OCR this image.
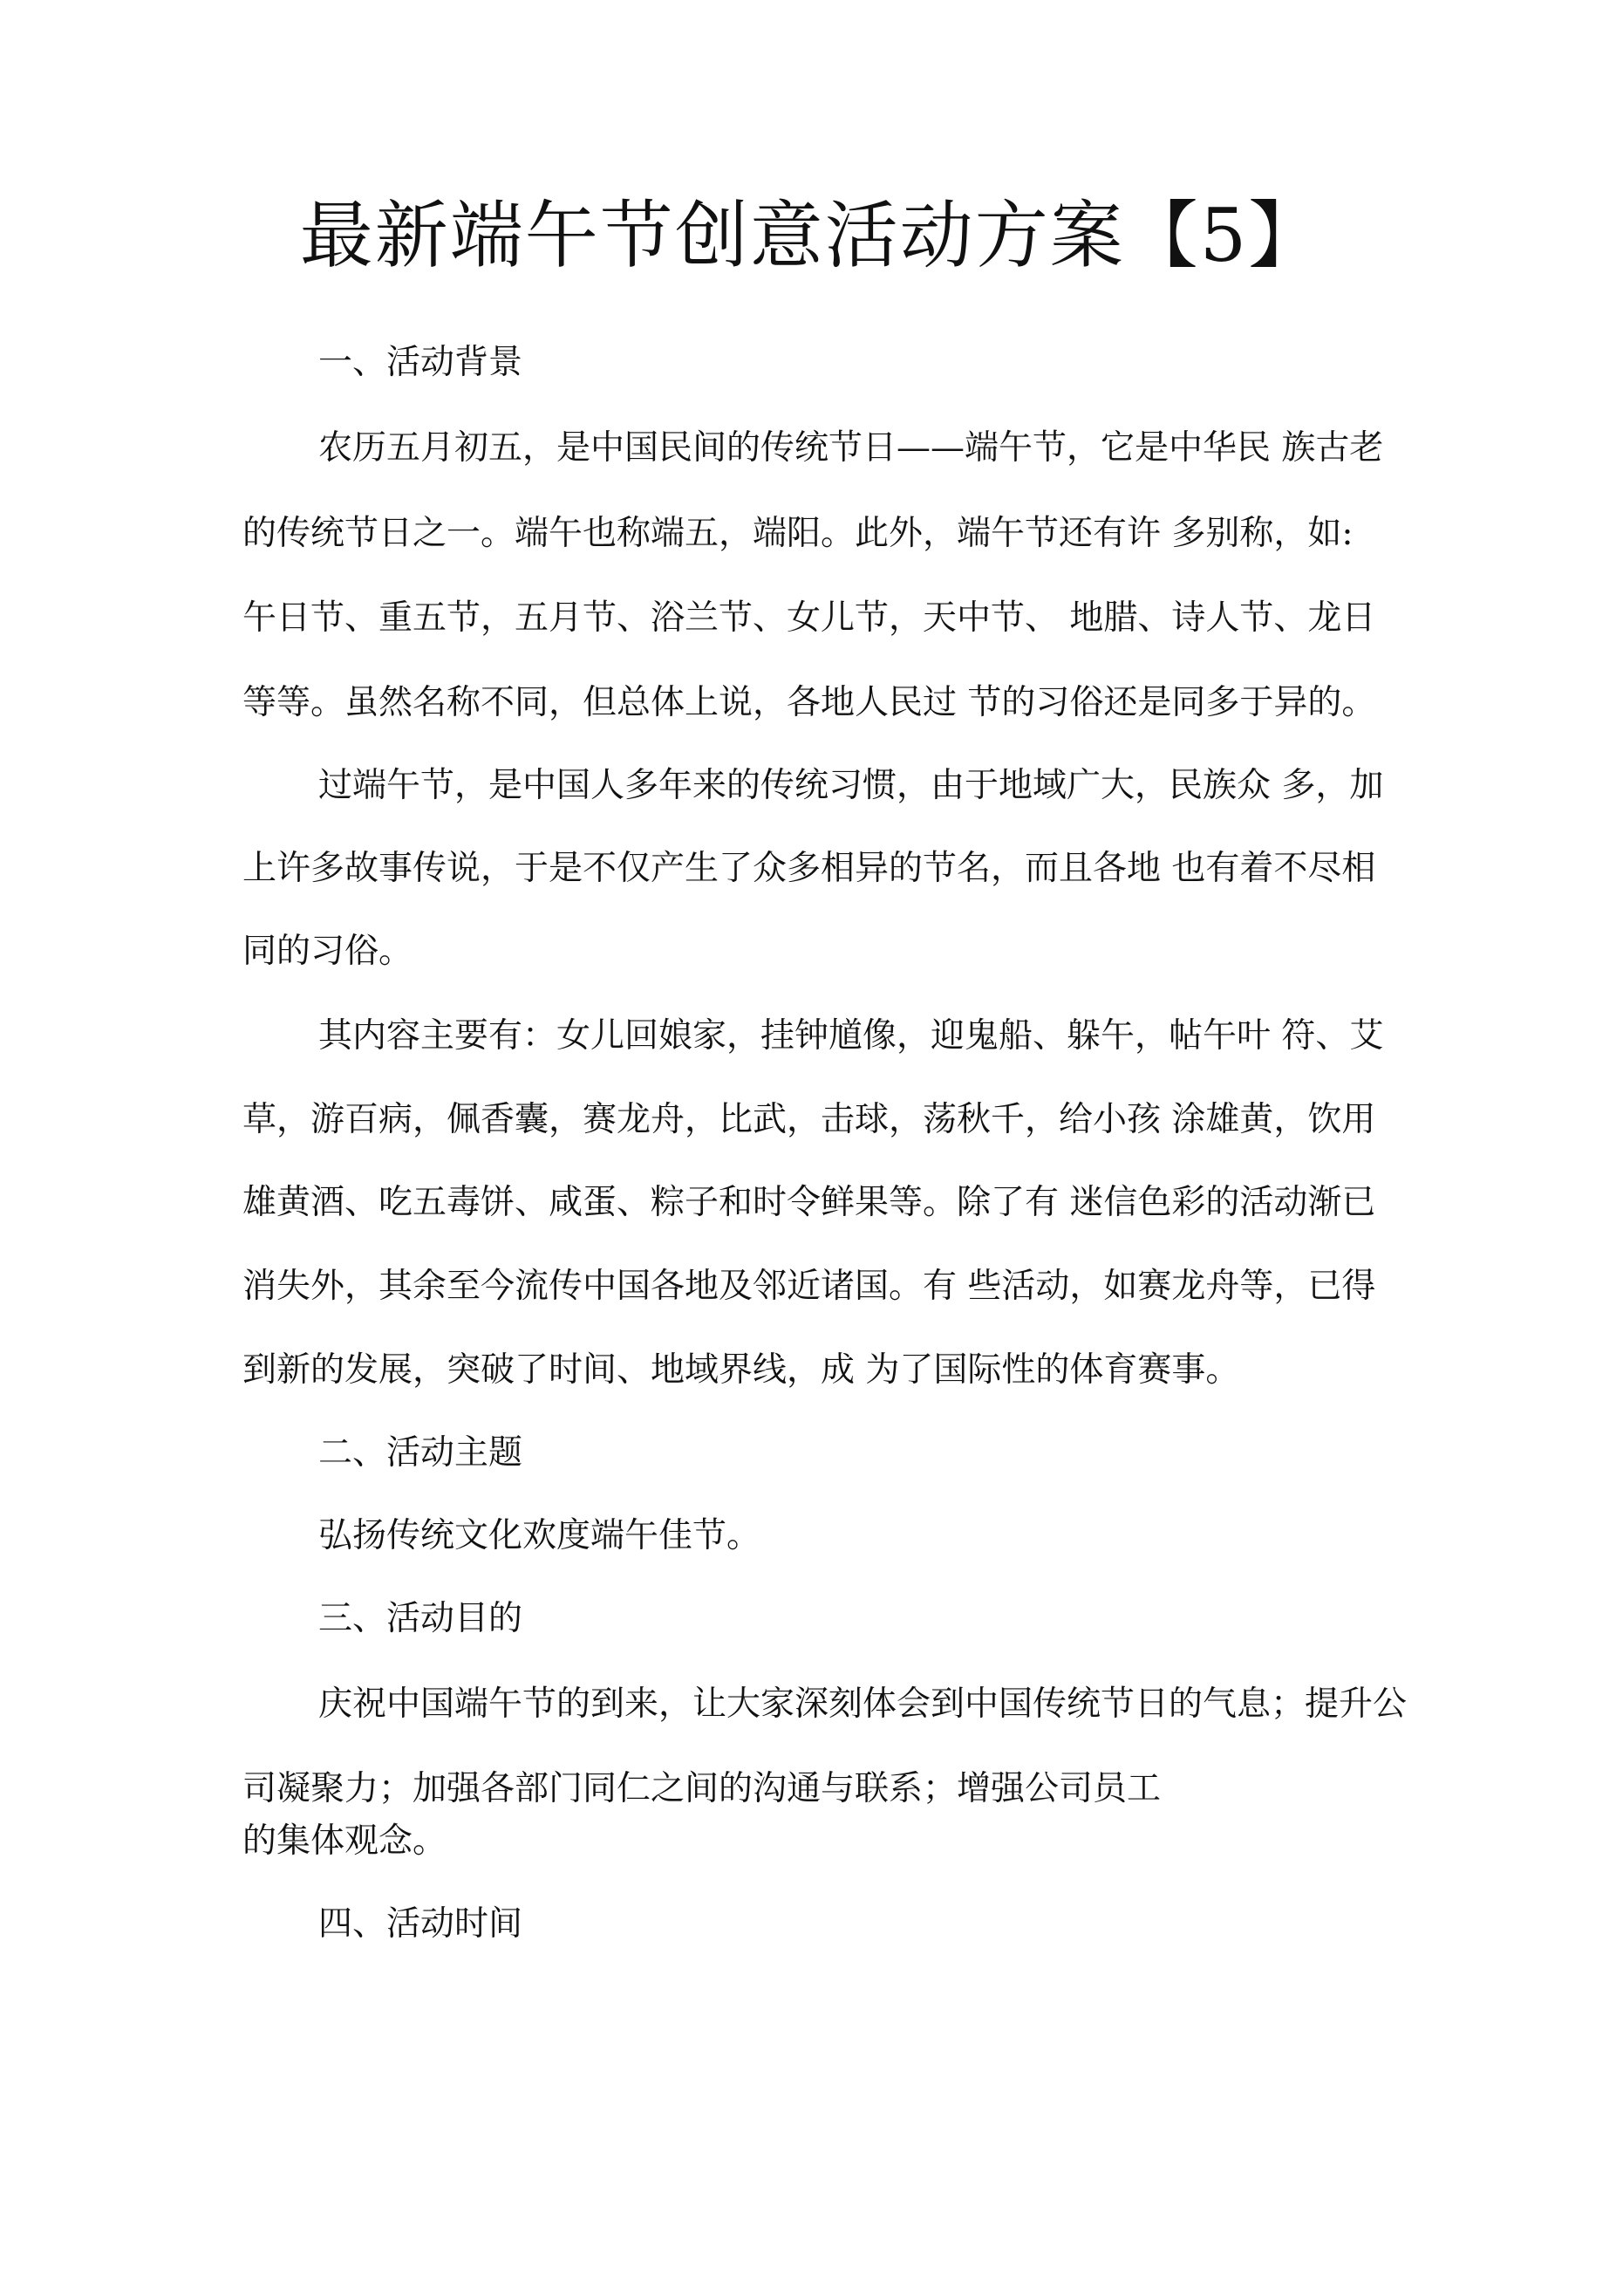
最新端午节创意活动方案【5】

一、活动背景

农历五月初五，是中国民间的传统节日——端午节，它是中华民 族古老

的传统节日之一。端午也称端五，端阳。此外，端午节还有许 多别称，如:

午日节、重五节，五月节、浴兰节、女儿节，天中节、 地腊、诗人节、龙日

等等。虽然名称不同，但总体上说，各地人民过 节的习俗还是同多于异的。

过端午节，是中国人多年来的传统习惯，由于地域广大，民族众 多，加

上许多故事传说，于是不仅产生了众多相异的节名，而且各地 也有着不尽相

同的习俗。

其内容主要有：女儿回娘家，挂钟馗像，迎鬼船、躲午，帖午叶 符、艾

草，游百病，佩香囊，赛龙舟，比武，击球，荡秋千，给小孩 涂雄黄，饮用

雄黄酒、吃五毒饼、咸蛋、粽子和时令鲜果等。除了有 迷信色彩的活动渐已

消失外，其余至今流传中国各地及邻近诸国。有 些活动，如赛龙舟等，已得

到新的发展，突破了时间、地域界线，成 为了国际性的体育赛事。

二、活动主题

弘扬传统文化欢度端午佳节。

三、活动目的

庆祝中国端午节的到来，让大家深刻体会到中国传统节日的气息；提升公

司凝聚力；加强各部门同仁之间的沟通与联系；增强公司员工

的集体观念。

四、活动时间
